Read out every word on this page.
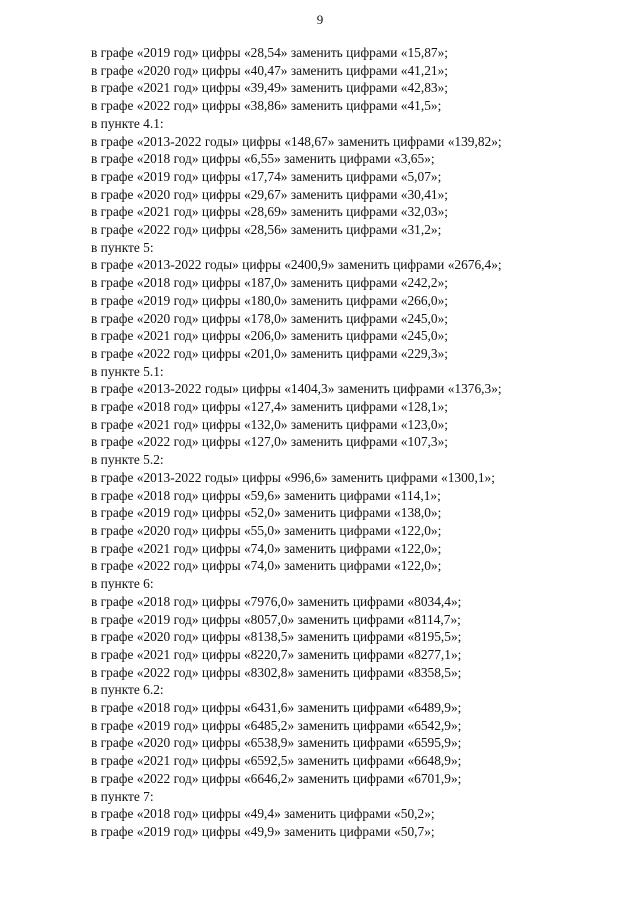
9
в графе «2019 год» цифры «28,54» заменить цифрами «15,87»;
в графе «2020 год» цифры «40,47» заменить цифрами «41,21»;
в графе «2021 год» цифры «39,49» заменить цифрами «42,83»;
в графе «2022 год» цифры «38,86» заменить цифрами «41,5»;
в пункте 4.1:
в графе «2013-2022 годы» цифры «148,67» заменить цифрами «139,82»;
в графе «2018 год» цифры «6,55» заменить цифрами «3,65»;
в графе «2019 год» цифры «17,74» заменить цифрами «5,07»;
в графе «2020 год» цифры «29,67» заменить цифрами «30,41»;
в графе «2021 год» цифры «28,69» заменить цифрами «32,03»;
в графе «2022 год» цифры «28,56» заменить цифрами «31,2»;
в пункте 5:
в графе «2013-2022 годы» цифры «2400,9» заменить цифрами «2676,4»;
в графе «2018 год» цифры «187,0» заменить цифрами «242,2»;
в графе «2019 год» цифры «180,0» заменить цифрами «266,0»;
в графе «2020 год» цифры «178,0» заменить цифрами «245,0»;
в графе «2021 год» цифры «206,0» заменить цифрами «245,0»;
в графе «2022 год» цифры «201,0» заменить цифрами «229,3»;
в пункте 5.1:
в графе «2013-2022 годы» цифры «1404,3» заменить цифрами «1376,3»;
в графе «2018 год» цифры «127,4» заменить цифрами «128,1»;
в графе «2021 год» цифры «132,0» заменить цифрами «123,0»;
в графе «2022 год» цифры «127,0» заменить цифрами «107,3»;
в пункте 5.2:
в графе «2013-2022 годы» цифры «996,6» заменить цифрами «1300,1»;
в графе «2018 год» цифры «59,6» заменить цифрами «114,1»;
в графе «2019 год» цифры «52,0» заменить цифрами «138,0»;
в графе «2020 год» цифры «55,0» заменить цифрами «122,0»;
в графе «2021 год» цифры «74,0» заменить цифрами «122,0»;
в графе «2022 год» цифры «74,0» заменить цифрами «122,0»;
в пункте 6:
в графе «2018 год» цифры «7976,0» заменить цифрами «8034,4»;
в графе «2019 год» цифры «8057,0» заменить цифрами «8114,7»;
в графе «2020 год» цифры «8138,5» заменить цифрами «8195,5»;
в графе «2021 год» цифры «8220,7» заменить цифрами «8277,1»;
в графе «2022 год» цифры «8302,8» заменить цифрами «8358,5»;
в пункте 6.2:
в графе «2018 год» цифры «6431,6» заменить цифрами «6489,9»;
в графе «2019 год» цифры «6485,2» заменить цифрами «6542,9»;
в графе «2020 год» цифры «6538,9» заменить цифрами «6595,9»;
в графе «2021 год» цифры «6592,5» заменить цифрами «6648,9»;
в графе «2022 год» цифры «6646,2» заменить цифрами «6701,9»;
в пункте 7:
в графе «2018 год» цифры «49,4» заменить цифрами «50,2»;
в графе «2019 год» цифры «49,9» заменить цифрами «50,7»;
